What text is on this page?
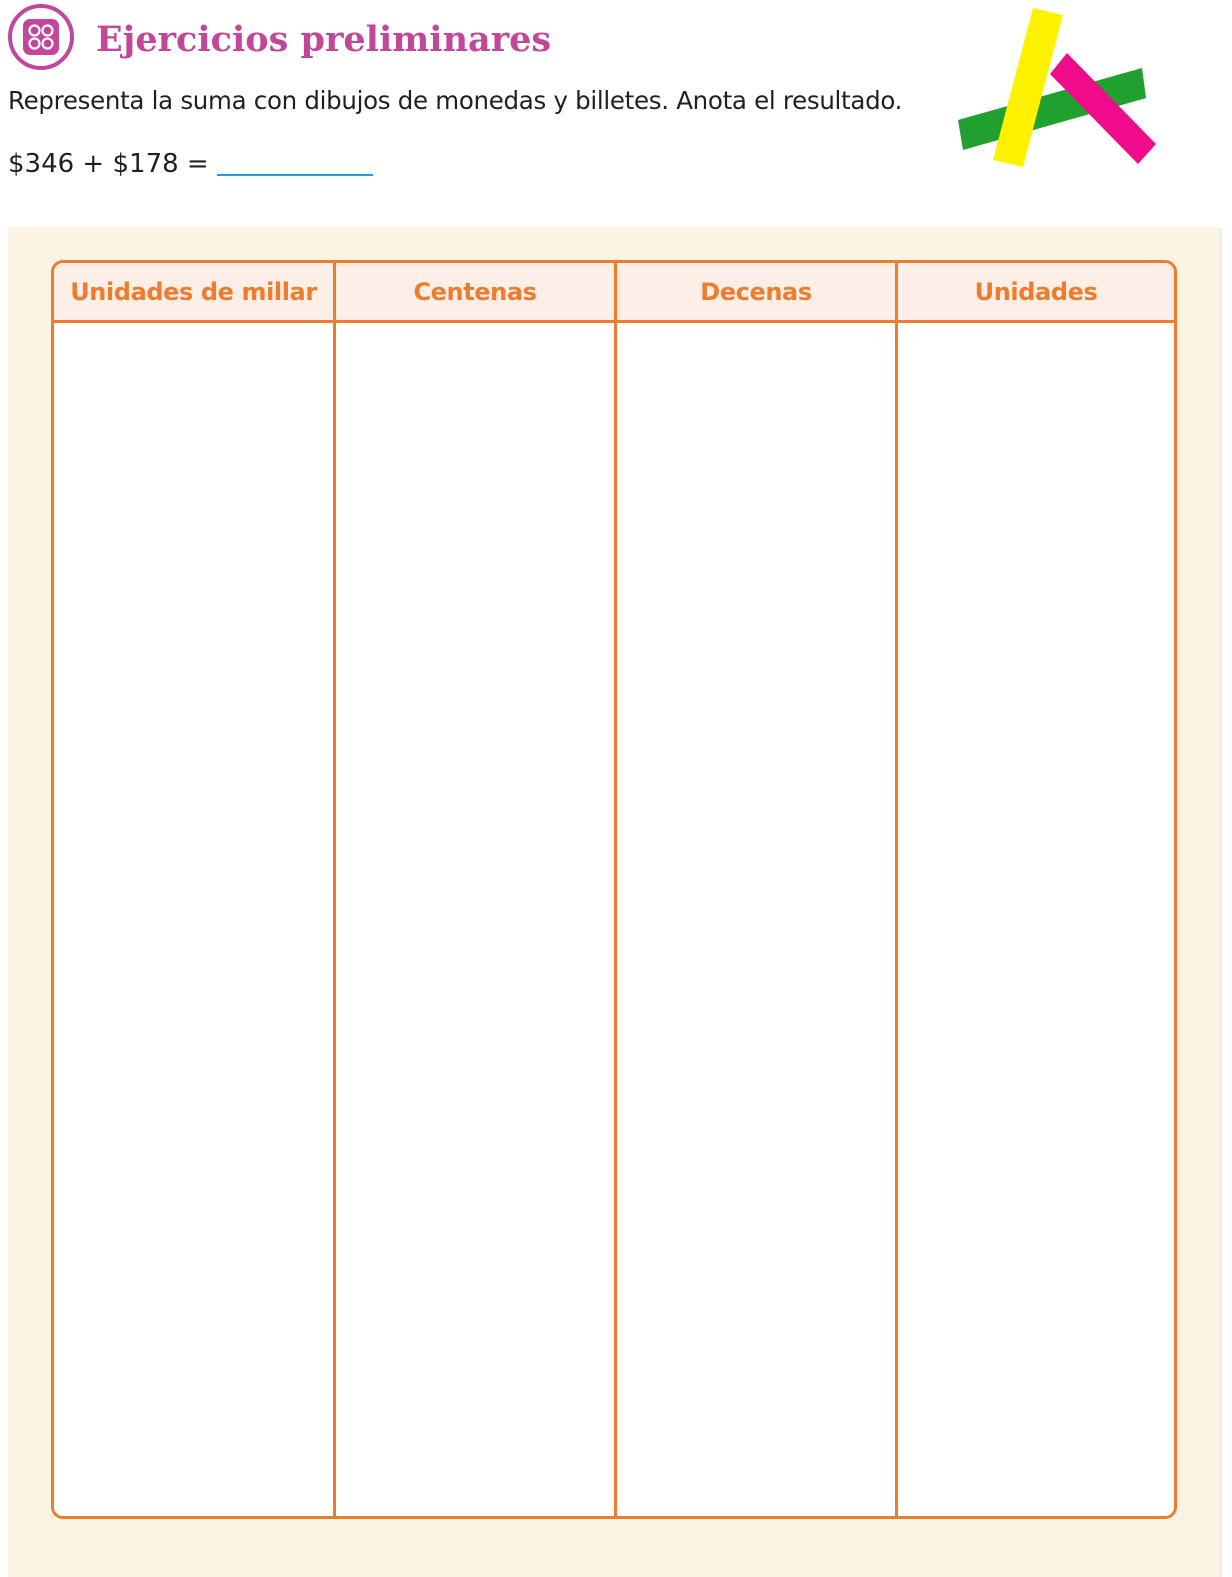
Ejercicios preliminares

Representa la suma con dibujos de monedas y billetes. Anota el resultado.

$346 + $178 =
Unidades de millar	Centenas	Decenas	Unidades
